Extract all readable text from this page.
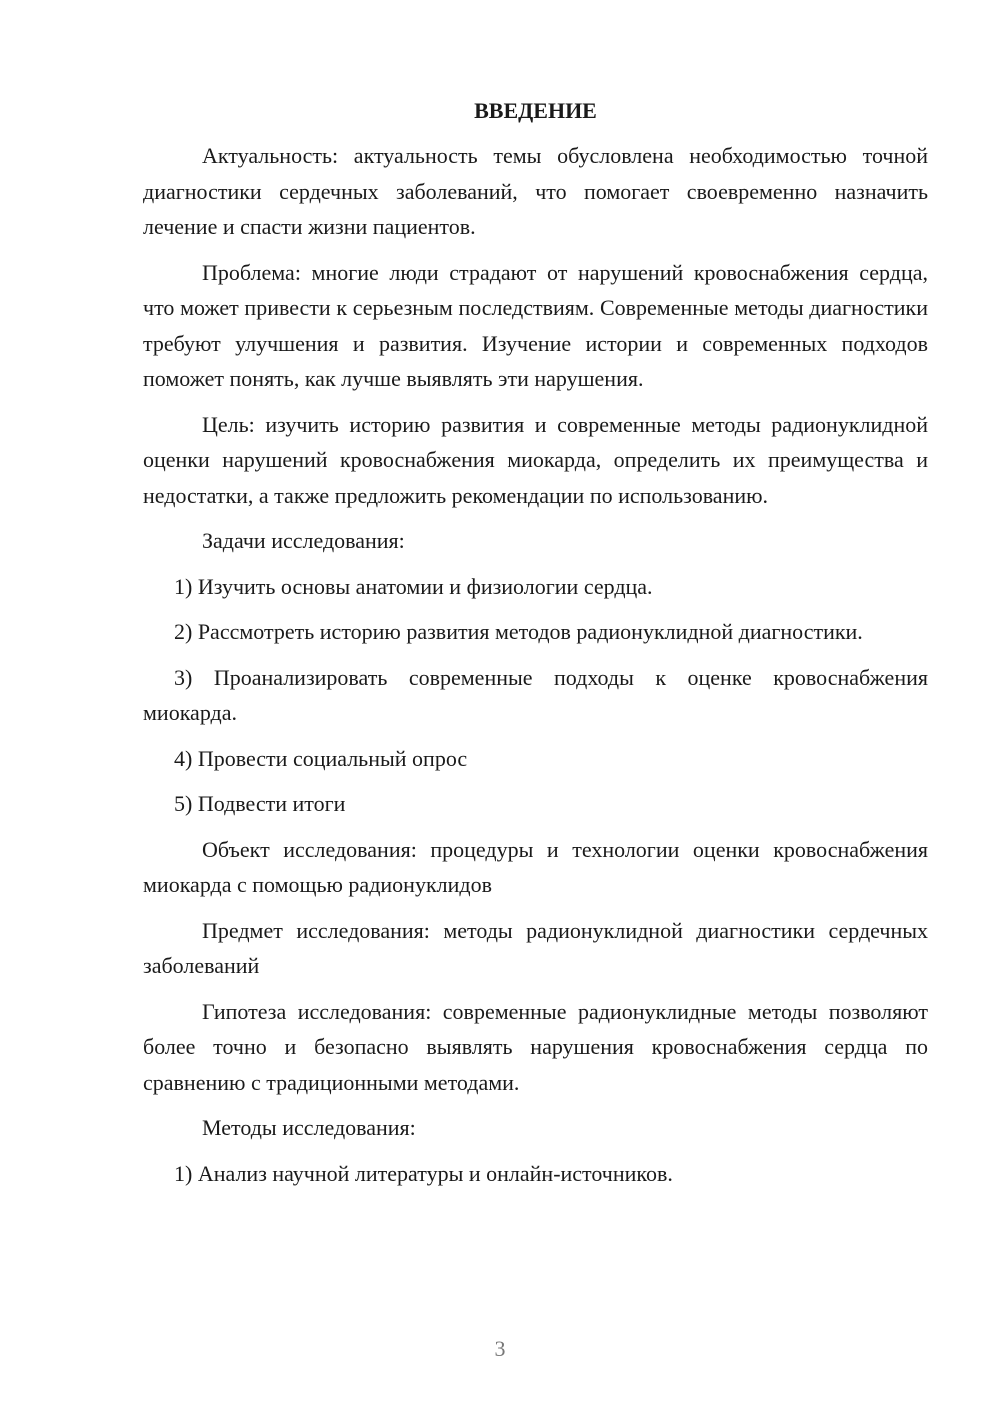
ВВЕДЕНИЕ

Актуальность: актуальность темы обусловлена необходимостью точной диагностики сердечных заболеваний, что помогает своевременно назначить лечение и спасти жизни пациентов.

Проблема: многие люди страдают от нарушений кровоснабжения сердца, что может привести к серьезным последствиям. Современные методы диагностики требуют улучшения и развития. Изучение истории и современных подходов поможет понять, как лучше выявлять эти нарушения.

Цель: изучить историю развития и современные методы радионуклидной оценки нарушений кровоснабжения миокарда, определить их преимущества и недостатки, а также предложить рекомендации по использованию.

Задачи исследования:

1) Изучить основы анатомии и физиологии сердца.

2) Рассмотреть историю развития методов радионуклидной диагностики.

3) Проанализировать современные подходы к оценке кровоснабжения миокарда.

4) Провести социальный опрос

5) Подвести итоги

Объект исследования: процедуры и технологии оценки кровоснабжения миокарда с помощью радионуклидов

Предмет исследования: методы радионуклидной диагностики сердечных заболеваний

Гипотеза исследования: современные радионуклидные методы позволяют более точно и безопасно выявлять нарушения кровоснабжения сердца по сравнению с традиционными методами.

Методы исследования:

1) Анализ научной литературы и онлайн-источников.

3
